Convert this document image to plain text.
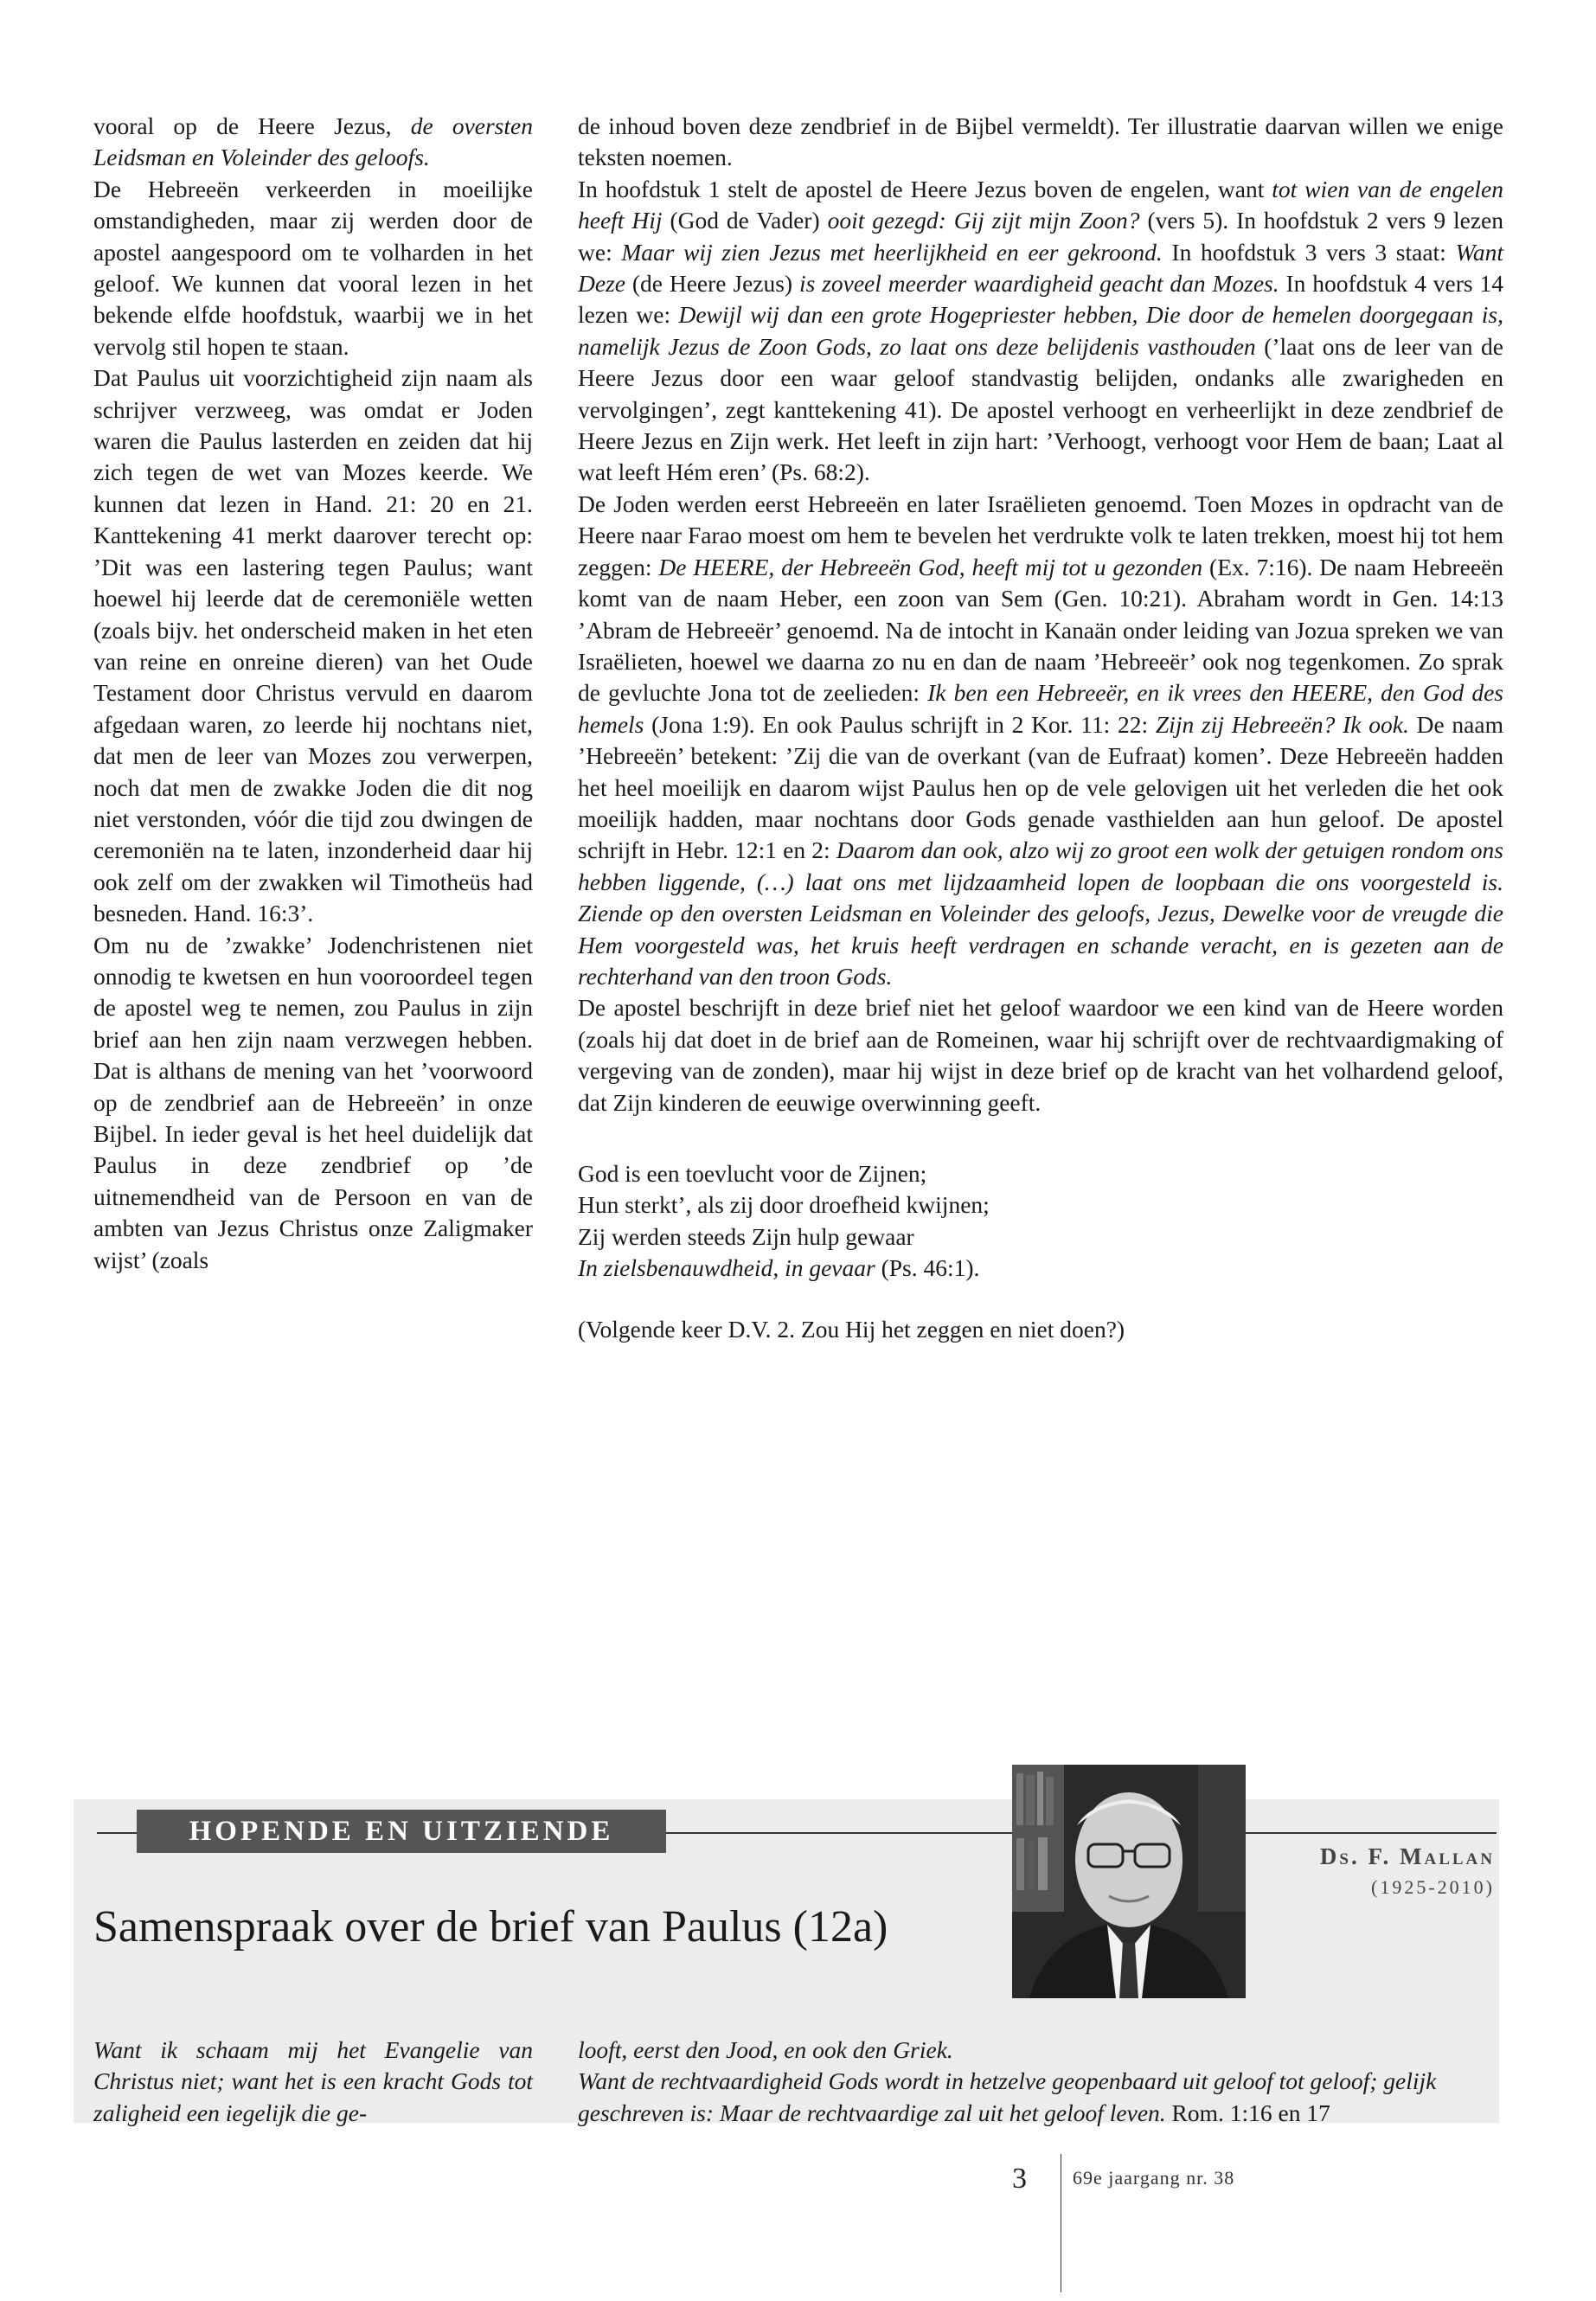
vooral op de Heere Jezus, de oversten Leidsman en Voleinder des geloofs.

De Hebreeën verkeerden in moeilijke omstandigheden, maar zij werden door de apostel aangespoord om te volharden in het geloof. We kunnen dat vooral lezen in het bekende elfde hoofdstuk, waarbij we in het vervolg stil hopen te staan.

Dat Paulus uit voorzichtigheid zijn naam als schrijver verzweeg, was omdat er Joden waren die Paulus lasterden en zeiden dat hij zich tegen de wet van Mozes keerde. We kunnen dat lezen in Hand. 21: 20 en 21. Kanttekening 41 merkt daarover terecht op: ’Dit was een lastering tegen Paulus; want hoewel hij leerde dat de ceremoniële wetten (zoals bijv. het onderscheid maken in het eten van reine en onreine dieren) van het Oude Testament door Christus vervuld en daarom afgedaan waren, zo leerde hij nochtans niet, dat men de leer van Mozes zou verwerpen, noch dat men de zwakke Joden die dit nog niet verstonden, vóór die tijd zou dwingen de ceremoniën na te laten, inzonderheid daar hij ook zelf om der zwakken wil Timotheüs had besneden. Hand. 16:3’.

Om nu de ’zwakke’ Jodenchristenen niet onnodig te kwetsen en hun vooroordeel tegen de apostel weg te nemen, zou Paulus in zijn brief aan hen zijn naam verzwegen hebben. Dat is althans de mening van het ’voorwoord op de zendbrief aan de Hebreeën’ in onze Bijbel. In ieder geval is het heel duidelijk dat Paulus in deze zendbrief op ’de uitnemendheid van de Persoon en van de ambten van Jezus Christus onze Zaligmaker wijst’ (zoals

de inhoud boven deze zendbrief in de Bijbel vermeldt). Ter illustratie daarvan willen we enige teksten noemen.

In hoofdstuk 1 stelt de apostel de Heere Jezus boven de engelen, want tot wien van de engelen heeft Hij (God de Vader) ooit gezegd: Gij zijt mijn Zoon? (vers 5). In hoofdstuk 2 vers 9 lezen we: Maar wij zien Jezus met heerlijkheid en eer gekroond. In hoofdstuk 3 vers 3 staat: Want Deze (de Heere Jezus) is zoveel meerder waardigheid geacht dan Mozes. In hoofdstuk 4 vers 14 lezen we: Dewijl wij dan een grote Hogepriester hebben, Die door de hemelen doorgegaan is, namelijk Jezus de Zoon Gods, zo laat ons deze belijdenis vasthouden (’laat ons de leer van de Heere Jezus door een waar geloof standvastig belijden, ondanks alle zwarigheden en vervolgingen’, zegt kanttekening 41). De apostel verhoogt en verheerlijkt in deze zendbrief de Heere Jezus en Zijn werk. Het leeft in zijn hart: ’Verhoogt, verhoogt voor Hem de baan; Laat al wat leeft Hém eren’ (Ps. 68:2).

De Joden werden eerst Hebreeën en later Israëlieten genoemd. Toen Mozes in opdracht van de Heere naar Farao moest om hem te bevelen het verdrukte volk te laten trekken, moest hij tot hem zeggen: De HEERE, der Hebreeën God, heeft mij tot u gezonden (Ex. 7:16). De naam Hebreeën komt van de naam Heber, een zoon van Sem (Gen. 10:21). Abraham wordt in Gen. 14:13 ’Abram de Hebreeër’ genoemd. Na de intocht in Kanaän onder leiding van Jozua spreken we van Israëlieten, hoewel we daarna zo nu en dan de naam ’Hebreeër’ ook nog tegenkomen. Zo sprak de gevluchte Jona tot de zeelieden: Ik ben een Hebreeër, en ik vrees den HEERE, den God des hemels (Jona 1:9). En ook Paulus schrijft in 2 Kor. 11: 22: Zijn zij Hebreeën? Ik ook. De naam ’Hebreeën’ betekent: ’Zij die van de overkant (van de Eufraat) komen’. Deze Hebreeën hadden het heel moeilijk en daarom wijst Paulus hen op de vele gelovigen uit het verleden die het ook moeilijk hadden, maar nochtans door Gods genade vasthielden aan hun geloof. De apostel schrijft in Hebr. 12:1 en 2: Daarom dan ook, alzo wij zo groot een wolk der getuigen rondom ons hebben liggende, (…) laat ons met lijdzaamheid lopen de loopbaan die ons voorgesteld is. Ziende op den oversten Leidsman en Voleinder des geloofs, Jezus, Dewelke voor de vreugde die Hem voorgesteld was, het kruis heeft verdragen en schande veracht, en is gezeten aan de rechterhand van den troon Gods.

De apostel beschrijft in deze brief niet het geloof waardoor we een kind van de Heere worden (zoals hij dat doet in de brief aan de Romeinen, waar hij schrijft over de rechtvaardigmaking of vergeving van de zonden), maar hij wijst in deze brief op de kracht van het volhardend geloof, dat Zijn kinderen de eeuwige overwinning geeft.

God is een toevlucht voor de Zijnen;
Hun sterkt’, als zij door droefheid kwijnen;
Zij werden steeds Zijn hulp gewaar
In zielsbenauwdheid, in gevaar (Ps. 46:1).

(Volgende keer D.V. 2. Zou Hij het zeggen en niet doen?)

HOPENDE EN UITZIENDE
Ds. F. Mallan
(1925-2010)
Samenspraak over de brief van Paulus (12a)
Want ik schaam mij het Evangelie van Christus niet; want het is een kracht Gods tot zaligheid een iegelijk die ge-
looft, eerst den Jood, en ook den Griek.
Want de rechtvaardigheid Gods wordt in hetzelve geopenbaard uit geloof tot geloof; gelijk geschreven is: Maar de rechtvaardige zal uit het geloof leven. Rom. 1:16 en 17
3 69e jaargang nr. 38
